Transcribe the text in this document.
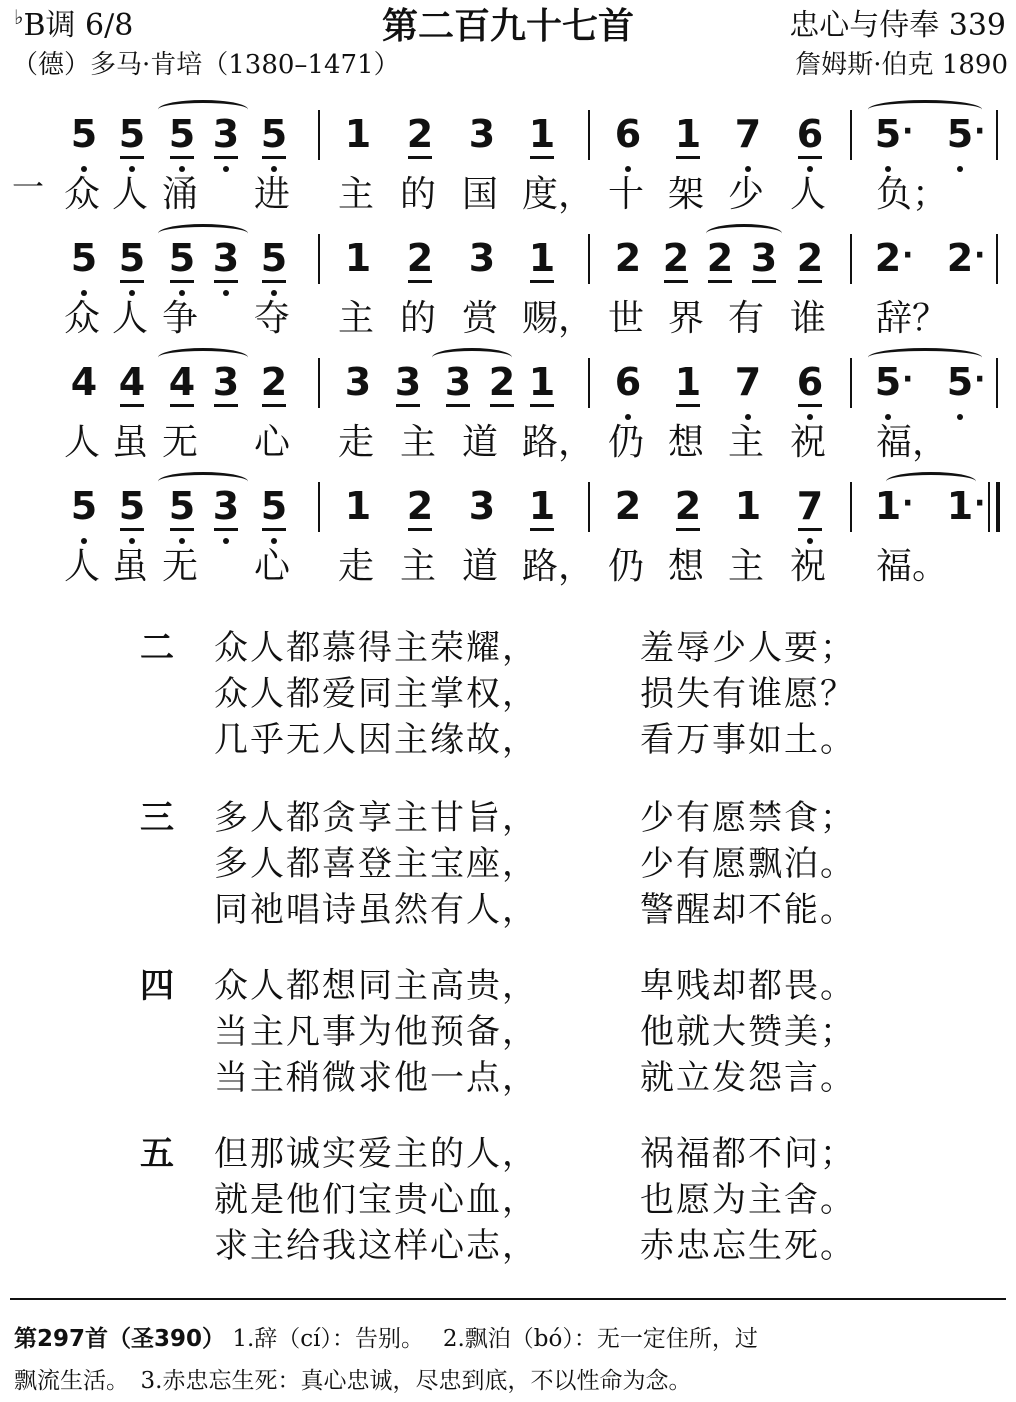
♭B调 6/8	第二百九十七首	忠心与侍奉 339
（德）多马·肯培（1380–1471）	詹姆斯·伯克 1890
一
5 5 5 3 5 1 2 3 1 6 1 7 6 5 5
· ·
众 人 涌 进 主 的 国 度， 十 架 少 人 负；
5 5 5 3 5 1 2 3 1 2 2 2 3 2 2 2
· ·
众 人 争 夺 主 的 赏 赐， 世 界 有 谁 辞？
4 4 4 3 2 3 3 3 2 1 6 1 7 6 5 5
· ·
人 虽 无 心 走 主 道 路， 仍 想 主 祝 福，
5 5 5 3 5 1 2 3 1 2 2 1 7 1 1
· ·
人 虽 无 心 走 主 道 路， 仍 想 主 祝 福。
二 众人都慕得主荣耀，	羞辱少人要；
众人都爱同主掌权，	损失有谁愿？
几乎无人因主缘故，	看万事如土。
三 多人都贪享主甘旨，	少有愿禁食；
多人都喜登主宝座，	少有愿飘泊。
同祂唱诗虽然有人，	警醒却不能。
四 众人都想同主高贵，	卑贱却都畏。
当主凡事为他预备，	他就大赞美；
当主稍微求他一点，	就立发怨言。
五 但那诚实爱主的人，	祸福都不问；
就是他们宝贵心血，	也愿为主舍。
求主给我这样心志，	赤忠忘生死。
第297首（圣390） 1.辞（cí）：告别。　 2.飘泊（bó）：无一定住所，过
飘流生活。　3.赤忠忘生死：真心忠诚，尽忠到底，不以性命为念。
